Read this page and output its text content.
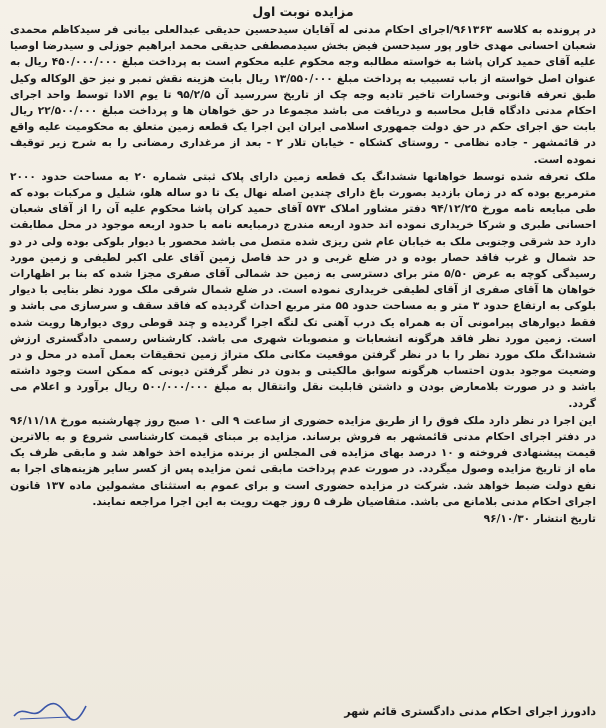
مزایده نوبت اول

در پرونده به کلاسه ۹۶۱۳۶۳/اجرای احکام مدنی له آقایان سیدحسین حدیقی عبدالعلی بیانی فر سیدکاظم محمدی شعبان احسانی مهدی خاور پور سیدحسن فیض بخش سیدمصطفی حدیقی محمد ابراهیم جوزلی و سیدرضا اوصیا علیه آقای حمید کران پاشا به خواسته مطالبه وجه محکوم علیه محکوم است به پرداخت مبلغ ۴۵۰/۰۰۰/۰۰۰ ریال به عنوان اصل خواسته از باب تسبیب به پرداخت مبلغ ۱۳/۵۵۰/۰۰۰ ریال بابت هزینه نقش تمبر و نیز حق الوکاله وکیل طبق تعرفه قانونی وخسارات تاخیر تادیه وجه چک از تاریخ سررسید آن ۹۵/۲/۵ تا یوم الادا توسط واحد اجرای احکام مدنی دادگاه قابل محاسبه و دریافت می باشد مجموعا در حق خواهان ها و پرداخت مبلغ ۲۲/۵۰۰/۰۰۰ ریال بابت حق اجرای حکم در حق دولت جمهوری اسلامی ایران این اجرا یک قطعه زمین متعلق به محکومیت علیه واقع در قائمشهر - جاده نظامی - روستای کشکاه - خیابان تلار ۲ - بعد از مرغداری رمضانی را به شرح زیر توقیف نموده است.

ملک تعرفه شده توسط خواهانها ششدانگ یک قطعه زمین دارای پلاک ثبتی شماره ۲۰ به مساحت حدود ۲۰۰۰ مترمربع بوده که در زمان بازدید بصورت باغ دارای چندین اصله نهال یک تا دو ساله هلو، شلیل و مرکبات بوده که طی مبایعه نامه مورخ ۹۴/۱۲/۲۵ دفتر مشاور املاک ۵۷۳ آقای حمید کران پاشا محکوم علیه آن را از آقای شعبان احسانی طبری و شرکا خریداری نموده اند حدود اربعه مندرج درمبایعه نامه با حدود اربعه موجود در محل مطابقت دارد حد شرقی وجنوبی ملک به خیابان عام شن ریزی شده متصل می باشد محصور با دیوار بلوکی بوده ولی در دو حد شمال و غرب فاقد حصار بوده و در ضلع غربی و در حد فاصل زمین آقای علی اکبر لطیفی و زمین مورد رسیدگی کوچه به عرض ۵/۵۰ متر برای دسترسی به زمین حد شمالی آقای صفری مجزا شده که بنا بر اظهارات خواهان ها آقای صفری از آقای لطیفی خریداری نموده است. در ضلع شمال شرقی ملک مورد نظر بنایی با دیوار بلوکی به ارتفاع حدود ۳ متر و به مساحت حدود ۵۵ متر مربع احداث گردیده که فاقد سقف و سرسازی می باشد و فقط دیوارهای پیرامونی آن به همراه یک درب آهنی تک لنگه اجرا گردیده و چند قوطی روی دیوارها رویت شده است. زمین مورد نظر فاقد هرگونه انشعابات و منصوبات شهری می باشد. کارشناس رسمی دادگستری ارزش ششدانگ ملک مورد نظر را با در نظر گرفتن موقعیت مکانی ملک متراژ زمین تحقیقات بعمل آمده در محل و در وضعیت موجود بدون احتساب هرگونه سوابق مالکیتی و بدون در نظر گرفتن دیونی که ممکن است وجود داشته باشد و در صورت بلامعارض بودن و داشتن قابلیت نقل وانتقال به مبلغ ۵۰۰/۰۰۰/۰۰۰ ریال برآورد و اعلام می گردد.

این اجرا در نظر دارد ملک فوق را از طریق مزایده حضوری از ساعت ۹ الی ۱۰ صبح روز چهارشنبه مورخ ۹۶/۱۱/۱۸ در دفتر اجرای احکام مدنی قائمشهر به فروش برساند. مزایده بر مبنای قیمت کارشناسی شروع و به بالاترین قیمت پیشنهادی فروخته و ۱۰ درصد بهای مزایده فی المجلس از برنده مزایده اخذ خواهد شد و مابقی ظرف یک ماه از تاریخ مزایده وصول میگردد. در صورت عدم پرداخت مابقی ثمن مزایده پس از کسر سایر هزینه‌های اجرا به نفع دولت ضبط خواهد شد. شرکت در مزایده حضوری است و برای عموم به استثنای مشمولین ماده ۱۳۷ قانون اجرای احکام مدنی بلامانع می باشد. متقاضیان ظرف ۵ روز جهت رویت به این اجرا مراجعه نمایند.

تاریخ انتشار ۹۶/۱۰/۳۰

دادورز اجرای احکام مدنی دادگستری قائم شهر
